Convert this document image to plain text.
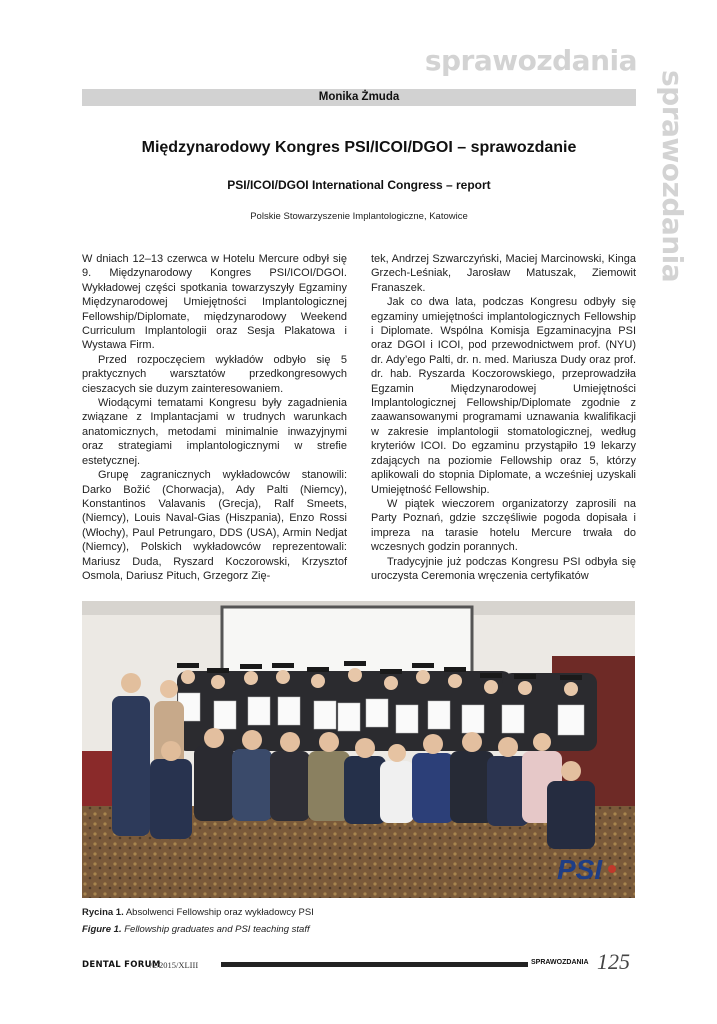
sprawozdania
sprawozdania
Monika Żmuda
Międzynarodowy Kongres PSI/ICOI/DGOI – sprawozdanie
PSI/ICOI/DGOI International Congress – report
Polskie Stowarzyszenie Implantologiczne, Katowice

W dniach 12–13 czerwca w Hotelu Mercure odbył się 9. Międzynarodowy Kongres PSI/ICOI/DGOI. Wykładowej części spotkania towarzyszyły Egzaminy Międzynarodowej Umiejętności Implantologicznej Fellowship/Diplomate, międzynarodowy Weekend Curriculum Implantologii oraz Sesja Plakatowa i Wystawa Firm.

Przed rozpoczęciem wykładów odbyło się 5 praktycznych warsztatów przedkongresowych cieszacych sie duzym zainteresowaniem.

Wiodącymi tematami Kongresu były zagadnienia związane z Implantacjami w trudnych warunkach anatomicznych, metodami minimalnie inwazyjnymi oraz strategiami implantologicznymi w strefie estetycznej.

Grupę zagranicznych wykładowców stanowili: Darko Božić (Chorwacja), Ady Palti (Niemcy), Konstantinos Valavanis (Grecja), Ralf Smeets, (Niemcy), Louis Naval-Gias (Hiszpania), Enzo Rossi (Włochy), Paul Petrungaro, DDS (USA), Armin Nedjat (Niemcy), Polskich wykładowców reprezentowali: Mariusz Duda, Ryszard Koczorowski, Krzysztof Osmola, Dariusz Pituch, Grzegorz Zię-

tek, Andrzej Szwarczyński, Maciej Marcinowski, Kinga Grzech-Leśniak, Jarosław Matuszak, Ziemowit Franaszek.

Jak co dwa lata, podczas Kongresu odbyły się egzaminy umiejętności implantologicznych Fellowship i Diplomate. Wspólna Komisja Egzaminacyjna PSI oraz DGOI i ICOI, pod przewodnictwem prof. (NYU) dr. Ady’ego Palti, dr. n. med. Mariusza Dudy oraz prof. dr. hab. Ryszarda Koczorowskiego, przeprowadziła Egzamin Międzynarodowej Umiejętności Implantologicznej Fellowship/Diplomate zgodnie z zaawansowanymi programami uznawania kwalifikacji w zakresie implantologii stomatologicznej, według kryteriów ICOI. Do egzaminu przystąpiło 19 lekarzy zdających na poziomie Fellowship oraz 5, którzy aplikowali do stopnia Diplomate, a wcześniej uzyskali Umiejętność Fellowship.

W piątek wieczorem organizatorzy zaprosili na Party Poznań, gdzie szczęśliwie pogoda dopisała i impreza na tarasie hotelu Mercure trwała do wczesnych godzin porannych.

Tradycyjnie już podczas Kongresu PSI odbyła się uroczysta Ceremonia wręczenia certyfikatów

PSI
Rycina 1. Absolwenci Fellowship oraz wykładowcy PSI
Figure 1. Fellowship graduates and PSI teaching staff
DENTAL FORUM
/2/2015/XLIII	SPRAWOZDANIA 125
